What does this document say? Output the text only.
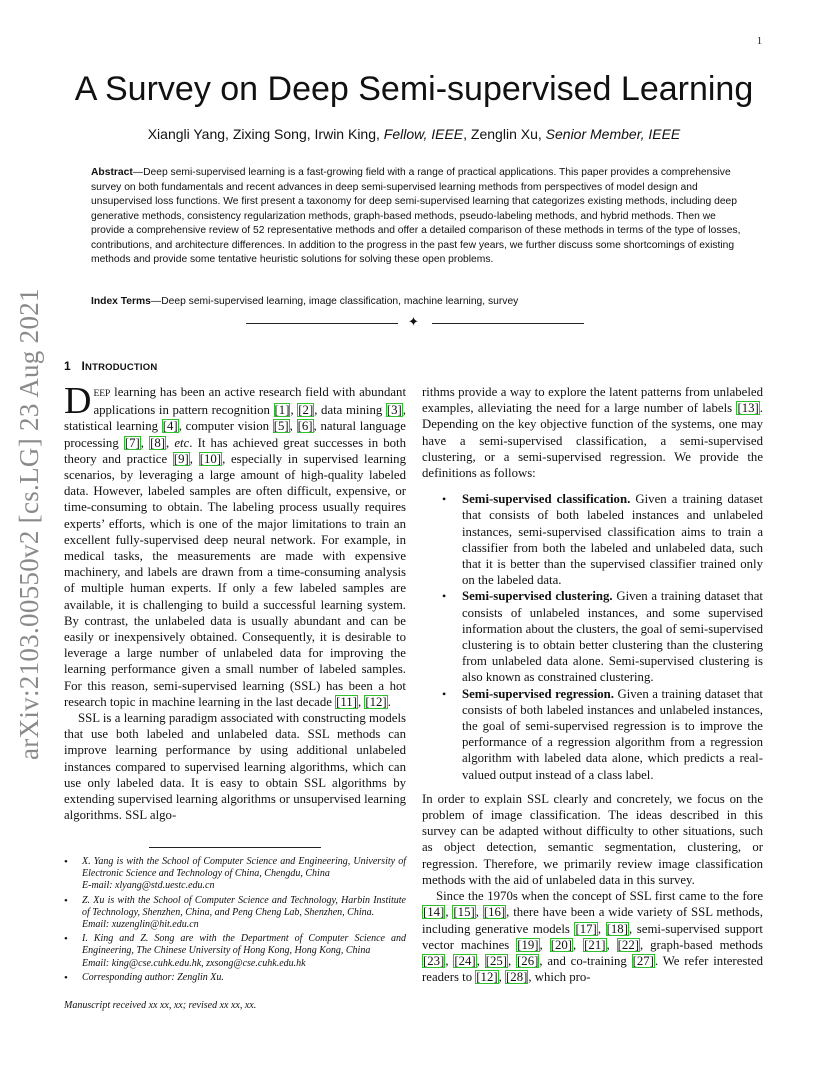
1
arXiv:2103.00550v2 [cs.LG] 23 Aug 2021
A Survey on Deep Semi-supervised Learning
Xiangli Yang, Zixing Song, Irwin King, Fellow, IEEE, Zenglin Xu, Senior Member, IEEE

Abstract—Deep semi-supervised learning is a fast-growing field with a range of practical applications. This paper provides a comprehensive survey on both fundamentals and recent advances in deep semi-supervised learning methods from perspectives of model design and unsupervised loss functions. We first present a taxonomy for deep semi-supervised learning that categorizes existing methods, including deep generative methods, consistency regularization methods, graph-based methods, pseudo-labeling methods, and hybrid methods. Then we provide a comprehensive review of 52 representative methods and offer a detailed comparison of these methods in terms of the type of losses, contributions, and architecture differences. In addition to the progress in the past few years, we further discuss some shortcomings of existing methods and provide some tentative heuristic solutions for solving these open problems.

Index Terms—Deep semi-supervised learning, image classification, machine learning, survey

✦
1 INTRODUCTION

DEEP learning has been an active research field with abundant applications in pattern recognition [1], [2], data mining [3], statistical learning [4], computer vision [5], [6], natural language processing [7], [8], etc. It has achieved great successes in both theory and practice [9], [10], especially in supervised learning scenarios, by leveraging a large amount of high-quality labeled data. However, labeled samples are often difficult, expensive, or time-consuming to obtain. The labeling process usually requires experts’ efforts, which is one of the major limitations to train an excellent fully-supervised deep neural network. For example, in medical tasks, the measurements are made with expensive machinery, and labels are drawn from a time-consuming analysis of multiple human experts. If only a few labeled samples are available, it is challenging to build a successful learning system. By contrast, the unlabeled data is usually abundant and can be easily or inexpensively obtained. Consequently, it is desirable to leverage a large number of unlabeled data for improving the learning performance given a small number of labeled samples. For this reason, semi-supervised learning (SSL) has been a hot research topic in machine learning in the last decade [11], [12].

SSL is a learning paradigm associated with constructing models that use both labeled and unlabeled data. SSL methods can improve learning performance by using additional unlabeled instances compared to supervised learning algorithms, which can use only labeled data. It is easy to obtain SSL algorithms by extending supervised learning algorithms or unsupervised learning algorithms. SSL algo-

• X. Yang is with the School of Computer Science and Engineering, University of Electronic Science and Technology of China, Chengdu, China
E-mail: xlyang@std.uestc.edu.cn
• Z. Xu is with the School of Computer Science and Technology, Harbin Institute of Technology, Shenzhen, China, and Peng Cheng Lab, Shenzhen, China.
Email: xuzenglin@hit.edu.cn
• I. King and Z. Song are with the Department of Computer Science and Engineering, The Chinese University of Hong Kong, Hong Kong, China
Email: king@cse.cuhk.edu.hk, zxsong@cse.cuhk.edu.hk
• Corresponding author: Zenglin Xu.
Manuscript received xx xx, xx; revised xx xx, xx.

rithms provide a way to explore the latent patterns from unlabeled examples, alleviating the need for a large number of labels [13]. Depending on the key objective function of the systems, one may have a semi-supervised classification, a semi-supervised clustering, or a semi-supervised regression. We provide the definitions as follows:

• Semi-supervised classification. Given a training dataset that consists of both labeled instances and unlabeled instances, semi-supervised classification aims to train a classifier from both the labeled and unlabeled data, such that it is better than the supervised classifier trained only on the labeled data.
• Semi-supervised clustering. Given a training dataset that consists of unlabeled instances, and some supervised information about the clusters, the goal of semi-supervised clustering is to obtain better clustering than the clustering from unlabeled data alone. Semi-supervised clustering is also known as constrained clustering.
• Semi-supervised regression. Given a training dataset that consists of both labeled instances and unlabeled instances, the goal of semi-supervised regression is to improve the performance of a regression algorithm from a regression algorithm with labeled data alone, which predicts a real-valued output instead of a class label.

In order to explain SSL clearly and concretely, we focus on the problem of image classification. The ideas described in this survey can be adapted without difficulty to other situations, such as object detection, semantic segmentation, clustering, or regression. Therefore, we primarily review image classification methods with the aid of unlabeled data in this survey.

Since the 1970s when the concept of SSL first came to the fore [14], [15], [16], there have been a wide variety of SSL methods, including generative models [17], [18], semi-supervised support vector machines [19], [20], [21], [22], graph-based methods [23], [24], [25], [26], and co-training [27]. We refer interested readers to [12], [28], which pro-
